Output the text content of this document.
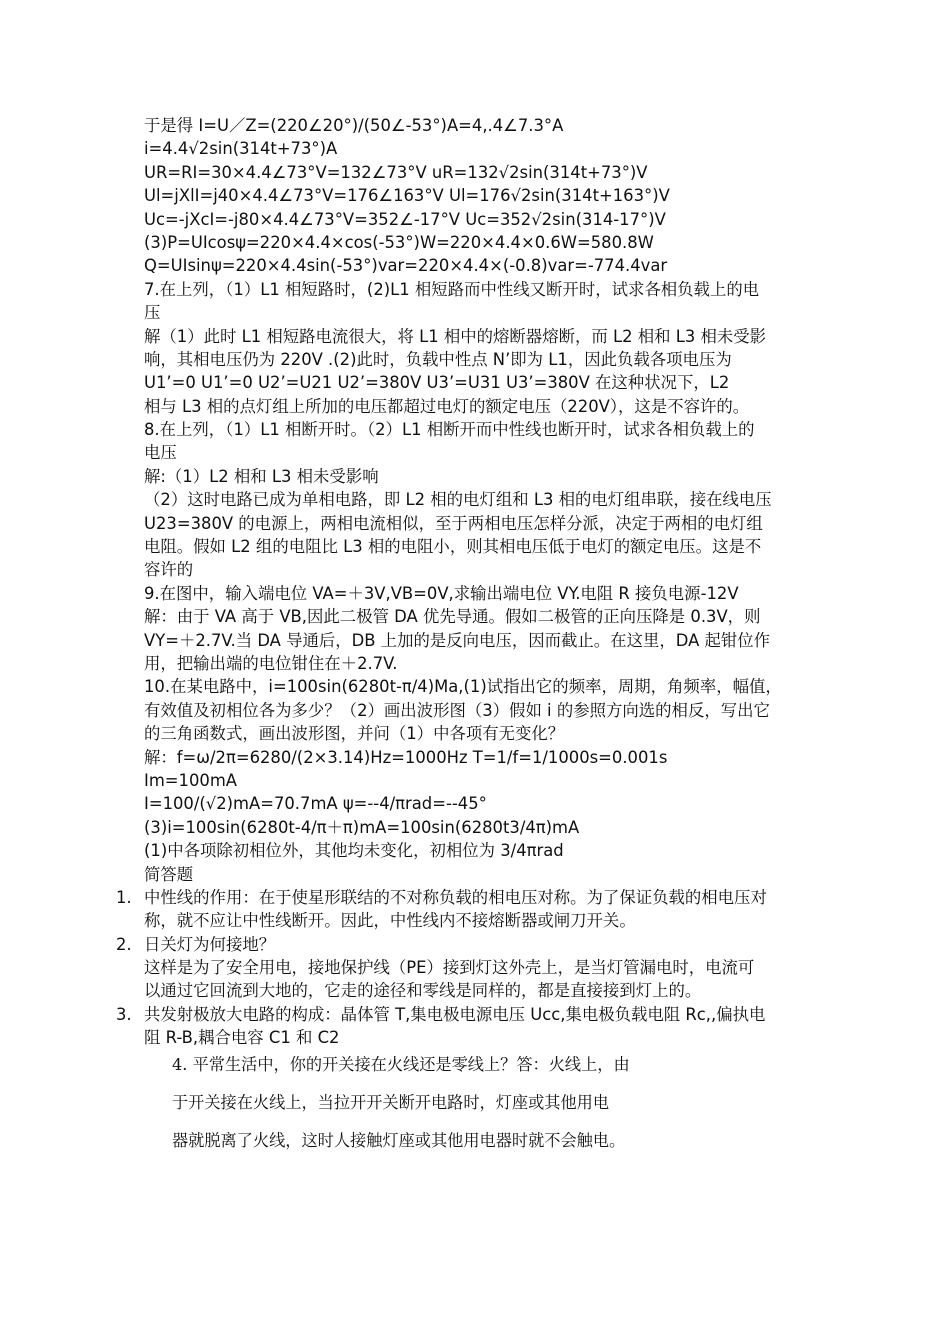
于是得 I=U／Z=(220∠20°)/(50∠-53°)A=4,.4∠7.3°A
i=4.4√2sin(314t+73°)A
UR=RI=30×4.4∠73°V=132∠73°V uR=132√2sin(314t+73°)V
Ul=jXlI=j40×4.4∠73°V=176∠163°V Ul=176√2sin(314t+163°)V
Uc=-jXcI=-j80×4.4∠73°V=352∠-17°V Uc=352√2sin(314-17°)V
(3)P=UIcosψ=220×4.4×cos(-53°)W=220×4.4×0.6W=580.8W
Q=UIsinψ=220×4.4sin(-53°)var=220×4.4×(-0.8)var=-774.4var
7.在上列，（1）L1 相短路时，(2)L1 相短路而中性线又断开时，试求各相负载上的电
压
解（1）此时 L1 相短路电流很大，将 L1 相中的熔断器熔断，而 L2 相和 L3 相未受影
响，其相电压仍为 220V .(2)此时，负载中性点 N’即为 L1，因此负载各项电压为
U1’=0 U1’=0 U2’=U21 U2’=380V U3’=U31 U3’=380V 在这种状况下，L2
相与 L3 相的点灯组上所加的电压都超过电灯的额定电压（220V），这是不容许的。
8.在上列，（1）L1 相断开时。（2）L1 相断开而中性线也断开时，试求各相负载上的
电压
解:（1）L2 相和 L3 相未受影响
（2）这时电路已成为单相电路，即 L2 相的电灯组和 L3 相的电灯组串联，接在线电压
U23=380V 的电源上，两相电流相似，至于两相电压怎样分派，决定于两相的电灯组
电阻。假如 L2 组的电阻比 L3 相的电阻小，则其相电压低于电灯的额定电压。这是不
容许的
9.在图中，输入端电位 VA=＋3V,VB=0V,求输出端电位 VY.电阻 R 接负电源-12V
解：由于 VA 高于 VB,因此二极管 DA 优先导通。假如二极管的正向压降是 0.3V，则
VY=＋2.7V.当 DA 导通后，DB 上加的是反向电压，因而截止。在这里，DA 起钳位作
用，把输出端的电位钳住在＋2.7V.
10.在某电路中，i=100sin(6280t-π/4)Ma,(1)试指出它的频率，周期，角频率，幅值，
有效值及初相位各为多少？（2）画出波形图（3）假如 i 的参照方向选的相反，写出它
的三角函数式，画出波形图，并问（1）中各项有无变化？
解：f=ω/2π=6280/(2×3.14)Hz=1000Hz T=1/f=1/1000s=0.001s
Im=100mA
I=100/(√2)mA=70.7mA ψ=--4/πrad=--45°
(3)i=100sin(6280t-4/π＋π)mA=100sin(6280t3/4π)mA
(1)中各项除初相位外，其他均未变化，初相位为 3/4πrad
简答题
1. 中性线的作用：在于使星形联结的不对称负载的相电压对称。为了保证负载的相电压对
称，就不应让中性线断开。因此，中性线内不接熔断器或闸刀开关。
2. 日关灯为何接地？
这样是为了安全用电，接地保护线（PE）接到灯这外壳上，是当灯管漏电时，电流可
以通过它回流到大地的，它走的途径和零线是同样的，都是直接接到灯上的。
3. 共发射极放大电路的构成：晶体管 T,集电极电源电压 Ucc,集电极负载电阻 Rc,,偏执电
阻 R-B,耦合电容 C1 和 C2
4. 平常生活中，你的开关接在火线还是零线上？答：火线上，由
于开关接在火线上，当拉开开关断开电路时，灯座或其他用电
器就脱离了火线，这时人接触灯座或其他用电器时就不会触电。
